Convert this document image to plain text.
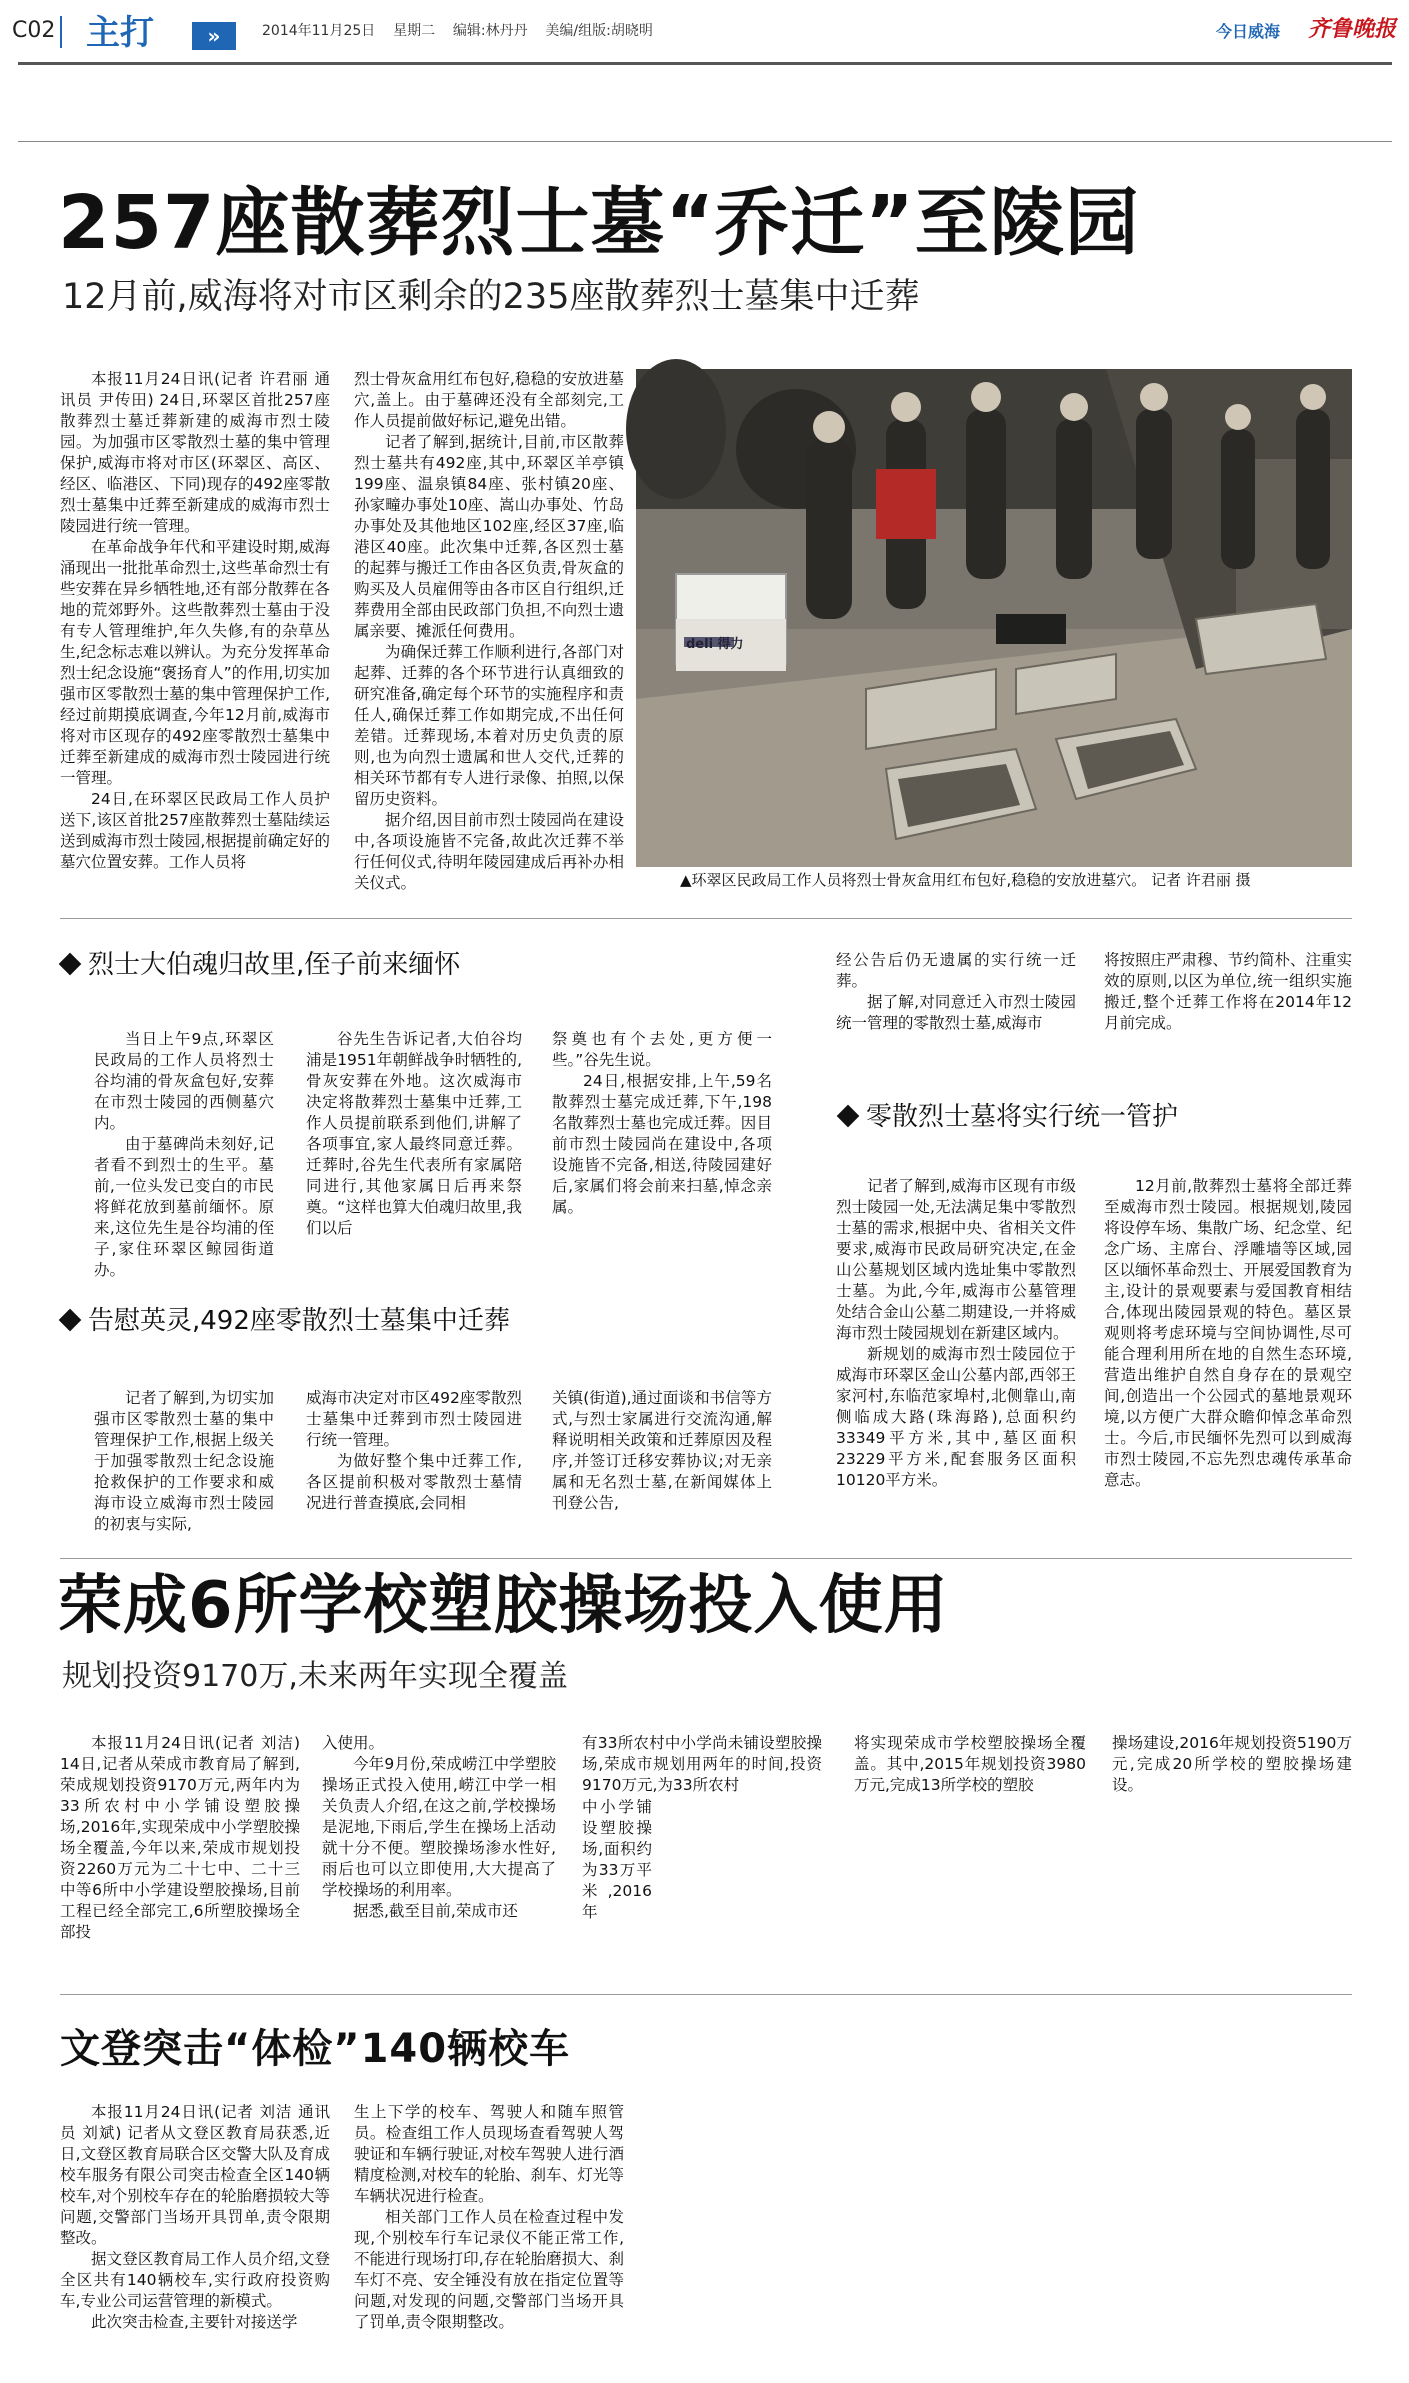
C02 主打	»	2014年11月25日 星期二 编辑:林丹丹 美编/组版:胡晓明	今日威海 齐鲁晚报
257座散葬烈士墓“乔迁”至陵园
12月前,威海将对市区剩余的235座散葬烈士墓集中迁葬

本报11月24日讯(记者 许君丽 通讯员 尹传田) 24日,环翠区首批257座散葬烈士墓迁葬新建的威海市烈士陵园。为加强市区零散烈士墓的集中管理保护,威海市将对市区(环翠区、高区、经区、临港区、下同)现存的492座零散烈士墓集中迁葬至新建成的威海市烈士陵园进行统一管理。

在革命战争年代和平建设时期,威海涌现出一批批革命烈士,这些革命烈士有些安葬在异乡牺牲地,还有部分散葬在各地的荒郊野外。这些散葬烈士墓由于没有专人管理维护,年久失修,有的杂草丛生,纪念标志难以辨认。为充分发挥革命烈士纪念设施“褒扬育人”的作用,切实加强市区零散烈士墓的集中管理保护工作,经过前期摸底调查,今年12月前,威海市将对市区现存的492座零散烈士墓集中迁葬至新建成的威海市烈士陵园进行统一管理。

24日,在环翠区民政局工作人员护送下,该区首批257座散葬烈士墓陆续运送到威海市烈士陵园,根据提前确定好的墓穴位置安葬。工作人员将

烈士骨灰盒用红布包好,稳稳的安放进墓穴,盖上。由于墓碑还没有全部刻完,工作人员提前做好标记,避免出错。

记者了解到,据统计,目前,市区散葬烈士墓共有492座,其中,环翠区羊亭镇199座、温泉镇84座、张村镇20座、孙家疃办事处10座、嵩山办事处、竹岛办事处及其他地区102座,经区37座,临港区40座。此次集中迁葬,各区烈士墓的起葬与搬迁工作由各区负责,骨灰盒的购买及人员雇佣等由各市区自行组织,迁葬费用全部由民政部门负担,不向烈士遗属亲要、摊派任何费用。

为确保迁葬工作顺利进行,各部门对起葬、迁葬的各个环节进行认真细致的研究准备,确定每个环节的实施程序和责任人,确保迁葬工作如期完成,不出任何差错。迁葬现场,本着对历史负责的原则,也为向烈士遗属和世人交代,迁葬的相关环节都有专人进行录像、拍照,以保留历史资料。

据介绍,因目前市烈士陵园尚在建设中,各项设施皆不完备,故此次迁葬不举行任何仪式,待明年陵园建成后再补办相关仪式。

deli 得力
▲环翠区民政局工作人员将烈士骨灰盒用红布包好,稳稳的安放进墓穴。 记者 许君丽 摄
烈士大伯魂归故里,侄子前来缅怀

当日上午9点,环翠区民政局的工作人员将烈士谷均浦的骨灰盒包好,安葬在市烈士陵园的西侧墓穴内。

由于墓碑尚未刻好,记者看不到烈士的生平。墓前,一位头发已变白的市民将鲜花放到墓前缅怀。原来,这位先生是谷均浦的侄子,家住环翠区鲸园街道办。

谷先生告诉记者,大伯谷均浦是1951年朝鲜战争时牺牲的,骨灰安葬在外地。这次威海市决定将散葬烈士墓集中迁葬,工作人员提前联系到他们,讲解了各项事宜,家人最终同意迁葬。迁葬时,谷先生代表所有家属陪同进行,其他家属日后再来祭奠。“这样也算大伯魂归故里,我们以后

祭奠也有个去处,更方便一些。”谷先生说。

24日,根据安排,上午,59名散葬烈士墓完成迁葬,下午,198名散葬烈士墓也完成迁葬。因目前市烈士陵园尚在建设中,各项设施皆不完备,相送,待陵园建好后,家属们将会前来扫墓,悼念亲属。

告慰英灵,492座零散烈士墓集中迁葬

记者了解到,为切实加强市区零散烈士墓的集中管理保护工作,根据上级关于加强零散烈士纪念设施抢救保护的工作要求和威海市设立威海市烈士陵园的初衷与实际,

威海市决定对市区492座零散烈士墓集中迁葬到市烈士陵园进行统一管理。

为做好整个集中迁葬工作,各区提前积极对零散烈士墓情况进行普查摸底,会同相

关镇(街道),通过面谈和书信等方式,与烈士家属进行交流沟通,解释说明相关政策和迁葬原因及程序,并签订迁移安葬协议;对无亲属和无名烈士墓,在新闻媒体上刊登公告,

经公告后仍无遗属的实行统一迁葬。

据了解,对同意迁入市烈士陵园统一管理的零散烈士墓,威海市

将按照庄严肃穆、节约简朴、注重实效的原则,以区为单位,统一组织实施搬迁,整个迁葬工作将在2014年12月前完成。

零散烈士墓将实行统一管护

记者了解到,威海市区现有市级烈士陵园一处,无法满足集中零散烈士墓的需求,根据中央、省相关文件要求,威海市民政局研究决定,在金山公墓规划区域内选址集中零散烈士墓。为此,今年,威海市公墓管理处结合金山公墓二期建设,一并将威海市烈士陵园规划在新建区域内。

新规划的威海市烈士陵园位于威海市环翠区金山公墓内部,西邻王家河村,东临范家埠村,北侧靠山,南侧临成大路(珠海路),总面积约33349平方米,其中,墓区面积23229平方米,配套服务区面积10120平方米。

12月前,散葬烈士墓将全部迁葬至威海市烈士陵园。根据规划,陵园将设停车场、集散广场、纪念堂、纪念广场、主席台、浮雕墙等区域,园区以缅怀革命烈士、开展爱国教育为主,设计的景观要素与爱国教育相结合,体现出陵园景观的特色。墓区景观则将考虑环境与空间协调性,尽可能合理利用所在地的自然生态环境,营造出维护自然自身存在的景观空间,创造出一个公园式的墓地景观环境,以方便广大群众瞻仰悼念革命烈士。今后,市民缅怀先烈可以到威海市烈士陵园,不忘先烈忠魂传承革命意志。

荣成6所学校塑胶操场投入使用
规划投资9170万,未来两年实现全覆盖

本报11月24日讯(记者 刘洁) 14日,记者从荣成市教育局了解到,荣成规划投资9170万元,两年内为33所农村中小学铺设塑胶操场,2016年,实现荣成中小学塑胶操场全覆盖,今年以来,荣成市规划投资2260万元为二十七中、二十三中等6所中小学建设塑胶操场,目前工程已经全部完工,6所塑胶操场全部投

入使用。

今年9月份,荣成崂江中学塑胶操场正式投入使用,崂江中学一相关负责人介绍,在这之前,学校操场是泥地,下雨后,学生在操场上活动就十分不便。塑胶操场渗水性好,雨后也可以立即使用,大大提高了学校操场的利用率。

据悉,截至目前,荣成市还

有33所农村中小学尚未铺设塑胶操场,荣成市规划用两年的时间,投资9170万元,为33所农村

中小学铺设塑胶操场,面积约为33万平米,2016年

将实现荣成市学校塑胶操场全覆盖。其中,2015年规划投资3980万元,完成13所学校的塑胶

操场建设,2016年规划投资5190万元,完成20所学校的塑胶操场建设。

文登突击“体检”140辆校车

本报11月24日讯(记者 刘洁 通讯员 刘斌) 记者从文登区教育局获悉,近日,文登区教育局联合区交警大队及育成校车服务有限公司突击检查全区140辆校车,对个别校车存在的轮胎磨损较大等问题,交警部门当场开具罚单,责令限期整改。

据文登区教育局工作人员介绍,文登全区共有140辆校车,实行政府投资购车,专业公司运营管理的新模式。

此次突击检查,主要针对接送学

生上下学的校车、驾驶人和随车照管员。检查组工作人员现场查看驾驶人驾驶证和车辆行驶证,对校车驾驶人进行酒精度检测,对校车的轮胎、刹车、灯光等车辆状况进行检查。

相关部门工作人员在检查过程中发现,个别校车行车记录仪不能正常工作,不能进行现场打印,存在轮胎磨损大、刹车灯不亮、安全锤没有放在指定位置等问题,对发现的问题,交警部门当场开具了罚单,责令限期整改。
